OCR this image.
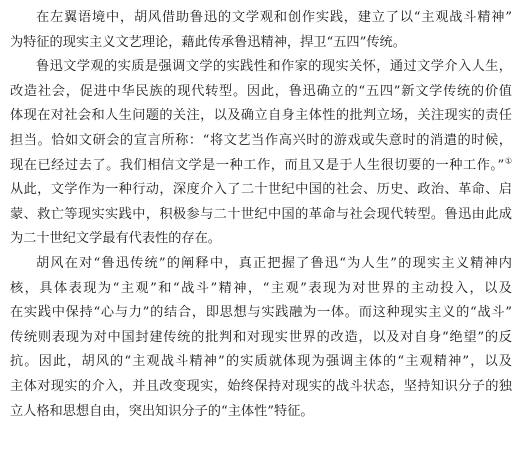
在左翼语境中，胡风借助鲁迅的文学观和创作实践，建立了以“主观战斗精神”
为特征的现实主义文艺理论，藉此传承鲁迅精神，捍卫“五四”传统。
鲁迅文学观的实质是强调文学的实践性和作家的现实关怀，通过文学介入人生，
改造社会，促进中华民族的现代转型。因此，鲁迅确立的“五四”新文学传统的价值
体现在对社会和人生问题的关注，以及确立自身主体性的批判立场，关注现实的责任
担当。恰如文研会的宣言所称：“将文艺当作高兴时的游戏或失意时的消遣的时候，
现在已经过去了。我们相信文学是一种工作，而且又是于人生很切要的一种工作。”①
从此，文学作为一种行动，深度介入了二十世纪中国的社会、历史、政治、革命、启
蒙、救亡等现实实践中，积极参与二十世纪中国的革命与社会现代转型。鲁迅由此成
为二十世纪文学最有代表性的存在。
胡风在对“鲁迅传统”的阐释中，真正把握了鲁迅“为人生”的现实主义精神内
核，具体表现为“主观”和“战斗”精神，“主观”表现为对世界的主动投入，以及
在实践中保持“心与力”的结合，即思想与实践融为一体。而这种现实主义的“战斗”
传统则表现为对中国封建传统的批判和对现实世界的改造，以及对自身“绝望”的反
抗。因此，胡风的“主观战斗精神”的实质就体现为强调主体的“主观精神”，以及
主体对现实的介入，并且改变现实，始终保持对现实的战斗状态，坚持知识分子的独
立人格和思想自由，突出知识分子的“主体性”特征。
